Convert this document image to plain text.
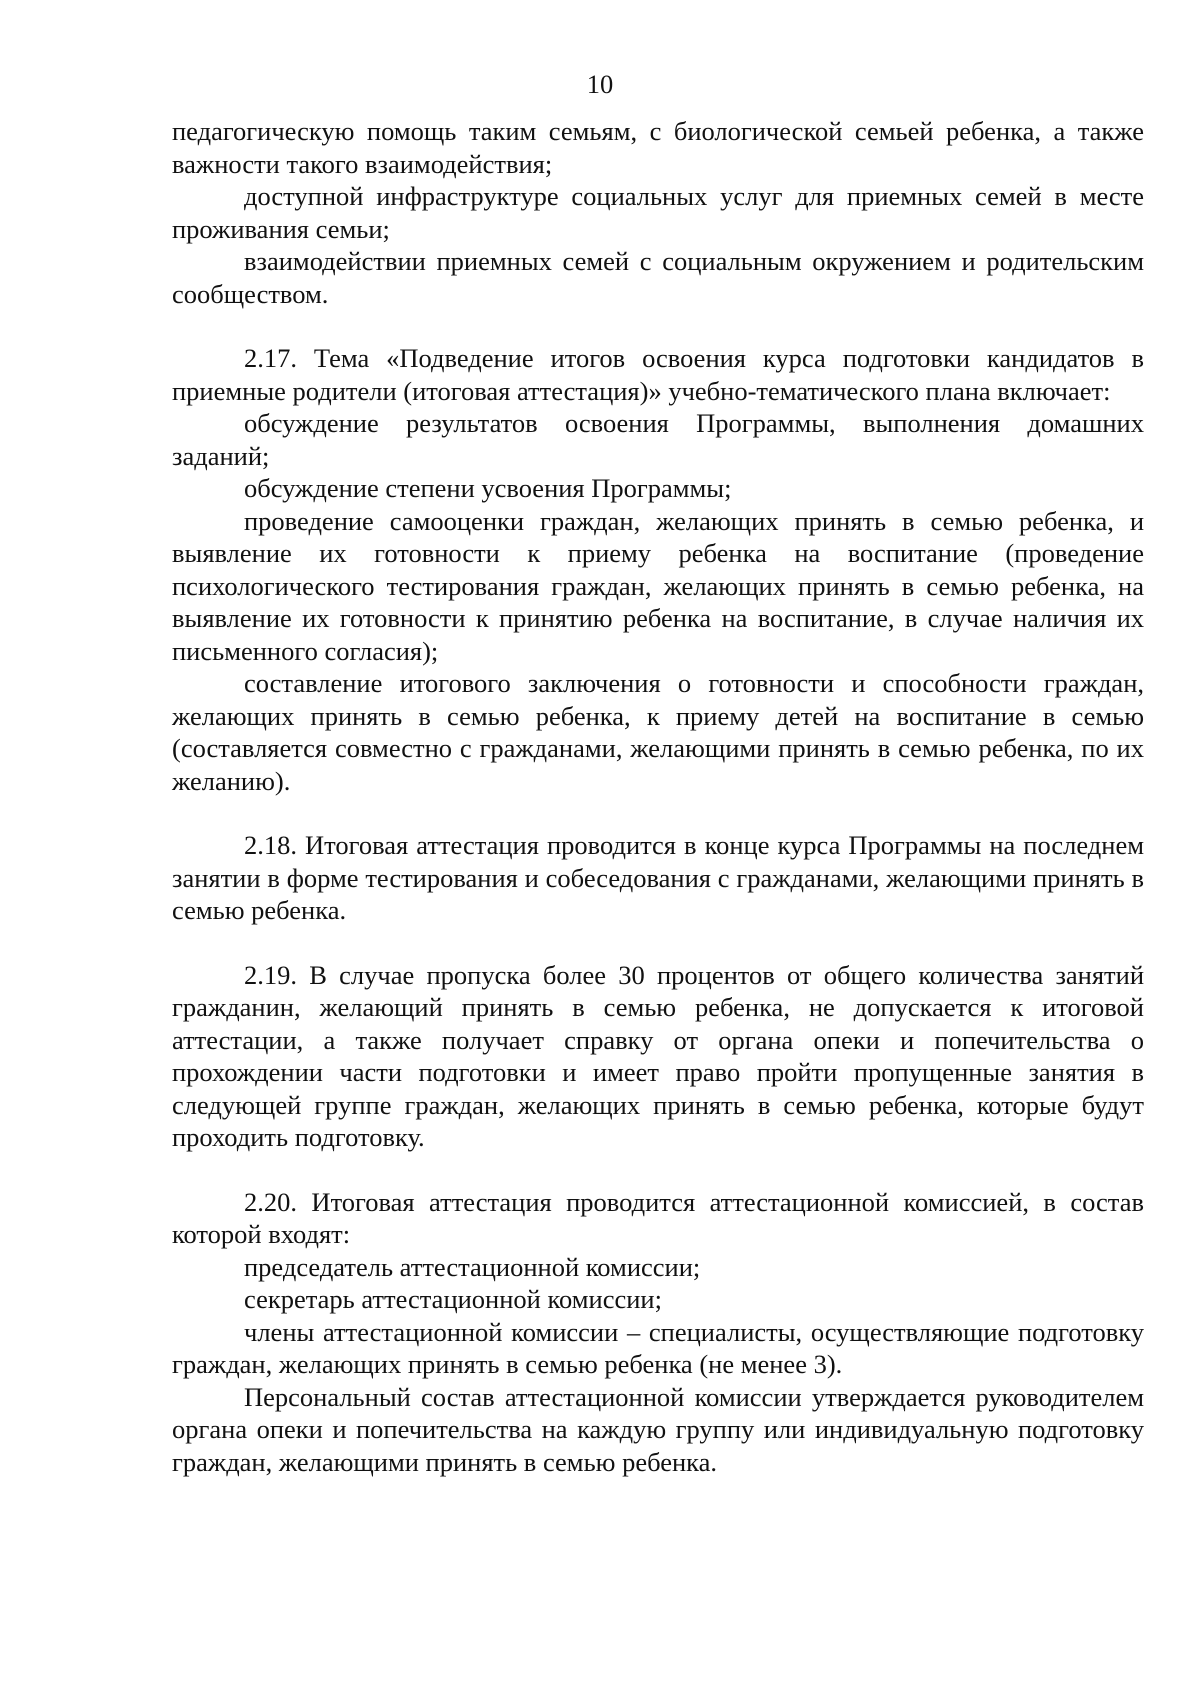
10

педагогическую помощь таким семьям, с биологической семьей ребенка, а также важности такого взаимодействия;

доступной инфраструктуре социальных услуг для приемных семей в месте проживания семьи;

взаимодействии приемных семей с социальным окружением и родительским сообществом.

2.17. Тема «Подведение итогов освоения курса подготовки кандидатов в приемные родители (итоговая аттестация)» учебно-тематического плана включает:

обсуждение результатов освоения Программы, выполнения домашних заданий;

обсуждение степени усвоения Программы;

проведение самооценки граждан, желающих принять в семью ребенка, и выявление их готовности к приему ребенка на воспитание (проведение психологического тестирования граждан, желающих принять в семью ребенка, на выявление их готовности к принятию ребенка на воспитание, в случае наличия их письменного согласия);

составление итогового заключения о готовности и способности граждан, желающих принять в семью ребенка, к приему детей на воспитание в семью (составляется совместно с гражданами, желающими принять в семью ребенка, по их желанию).

2.18. Итоговая аттестация проводится в конце курса Программы на последнем занятии в форме тестирования и собеседования с гражданами, желающими принять в семью ребенка.

2.19. В случае пропуска более 30 процентов от общего количества занятий гражданин, желающий принять в семью ребенка, не допускается к итоговой аттестации, а также получает справку от органа опеки и попечительства о прохождении части подготовки и имеет право пройти пропущенные занятия в следующей группе граждан, желающих принять в семью ребенка, которые будут проходить подготовку.

2.20. Итоговая аттестация проводится аттестационной комиссией, в состав которой входят:

председатель аттестационной комиссии;

секретарь аттестационной комиссии;

члены аттестационной комиссии – специалисты, осуществляющие подготовку граждан, желающих принять в семью ребенка (не менее 3).

Персональный состав аттестационной комиссии утверждается руководителем органа опеки и попечительства на каждую группу или индивидуальную подготовку граждан, желающими принять в семью ребенка.
